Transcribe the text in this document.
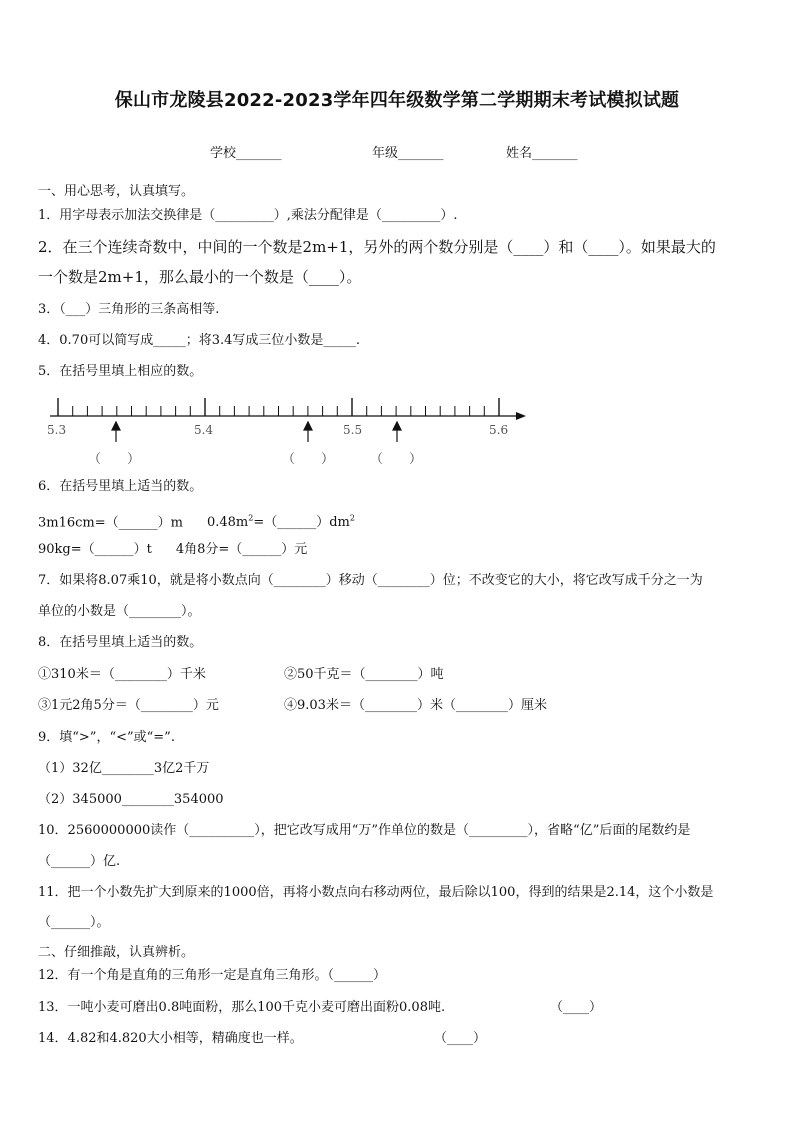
保山市龙陵县2022-2023学年四年级数学第二学期期末考试模拟试题
学校_______	年级_______	姓名_______
一、用心思考，认真填写。
1．用字母表示加法交换律是（_________）,乘法分配律是（_________）.
2．在三个连续奇数中，中间的一个数是2m+1，另外的两个数分别是（____）和（____）。如果最大的
一个数是2m+1，那么最小的一个数是（____）。
3．（___）三角形的三条高相等.
4．0.70可以简写成_____；将3.4写成三位小数是_____.
5．在括号里填上相应的数。
5.3	5.4	5.5	5.6
（　　）	（　　）	（　　）
6．在括号里填上适当的数。
3m16cm=（______）m $0.48m^2=(\_\_\_\_\_\_)dm^2$
90kg=（______）t 4角8分=（______）元
7．如果将8.07乘10，就是将小数点向（________）移动（________）位；不改变它的大小，将它改写成千分之一为
单位的小数是（________）。
8．在括号里填上适当的数。
①310米＝（________）千米	②50千克＝（________）吨
③1元2角5分＝（________）元	④9.03米＝（________）米（________）厘米
9．填“>”，“<”或“=”.
（1）32亿________3亿2千万
（2）345000________354000
10．2560000000读作（__________），把它改写成用“万”作单位的数是（_________），省略“亿”后面的尾数约是
（______）亿.
11．把一个小数先扩大到原来的1000倍，再将小数点向右移动两位，最后除以100，得到的结果是2.14，这个小数是
（______）。
二、仔细推敲，认真辨析。
12．有一个角是直角的三角形一定是直角三角形。（______）
13．一吨小麦可磨出0.8吨面粉，那么100千克小麦可磨出面粉0.08吨.	（____）
14．4.82和4.820大小相等，精确度也一样。	（____）
